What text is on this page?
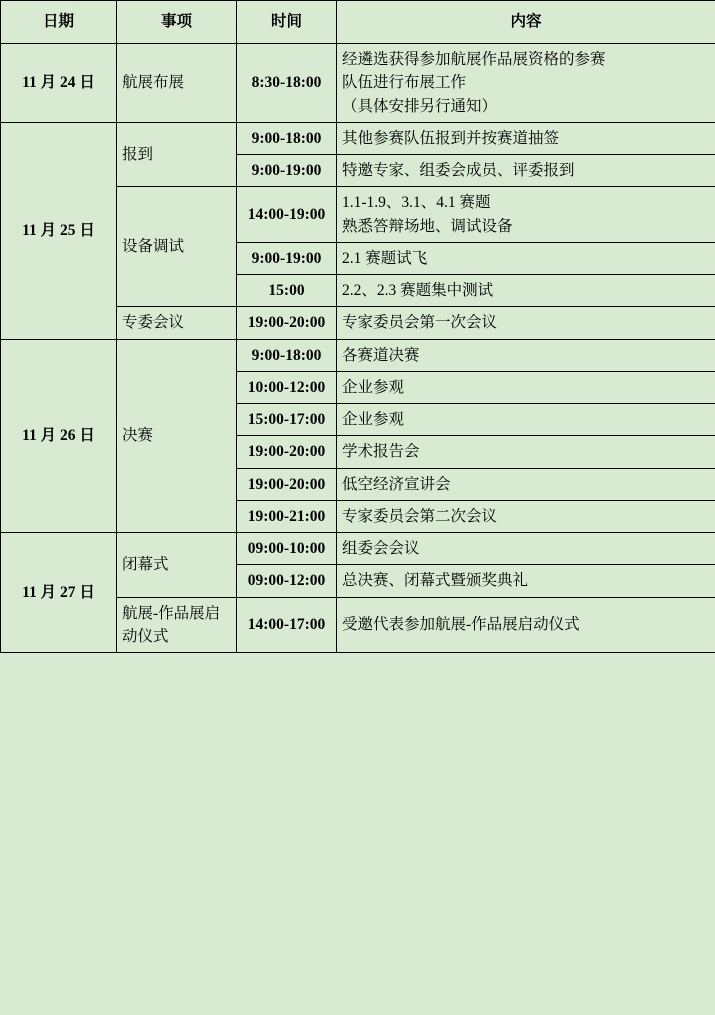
日期	事项	时间	内容
11 月 24 日	航展布展	8:30-18:00	经遴选获得参加航展作品展资格的参赛
队伍进行布展工作
（具体安排另行通知）

11 月 25 日	报到	9:00-18:00	其他参赛队伍报到并按赛道抽签

		9:00-19:00	特邀专家、组委会成员、评委报到

	设备调试	14:00-19:00	1.1-1.9、3.1、4.1 赛题
熟悉答辩场地、调试设备

		9:00-19:00	2.1 赛题试飞

		15:00	2.2、2.3 赛题集中测试

	专委会议	19:00-20:00	专家委员会第一次会议

11 月 26 日	决赛	9:00-18:00	各赛道决赛

		10:00-12:00	企业参观

		15:00-17:00	企业参观

		19:00-20:00	学术报告会

		19:00-20:00	低空经济宣讲会

		19:00-21:00	专家委员会第二次会议

11 月 27 日	闭幕式	09:00-10:00	组委会会议

		09:00-12:00	总决赛、闭幕式暨颁奖典礼

	航展-作品展启动仪式	14:00-17:00	受邀代表参加航展-作品展启动仪式
